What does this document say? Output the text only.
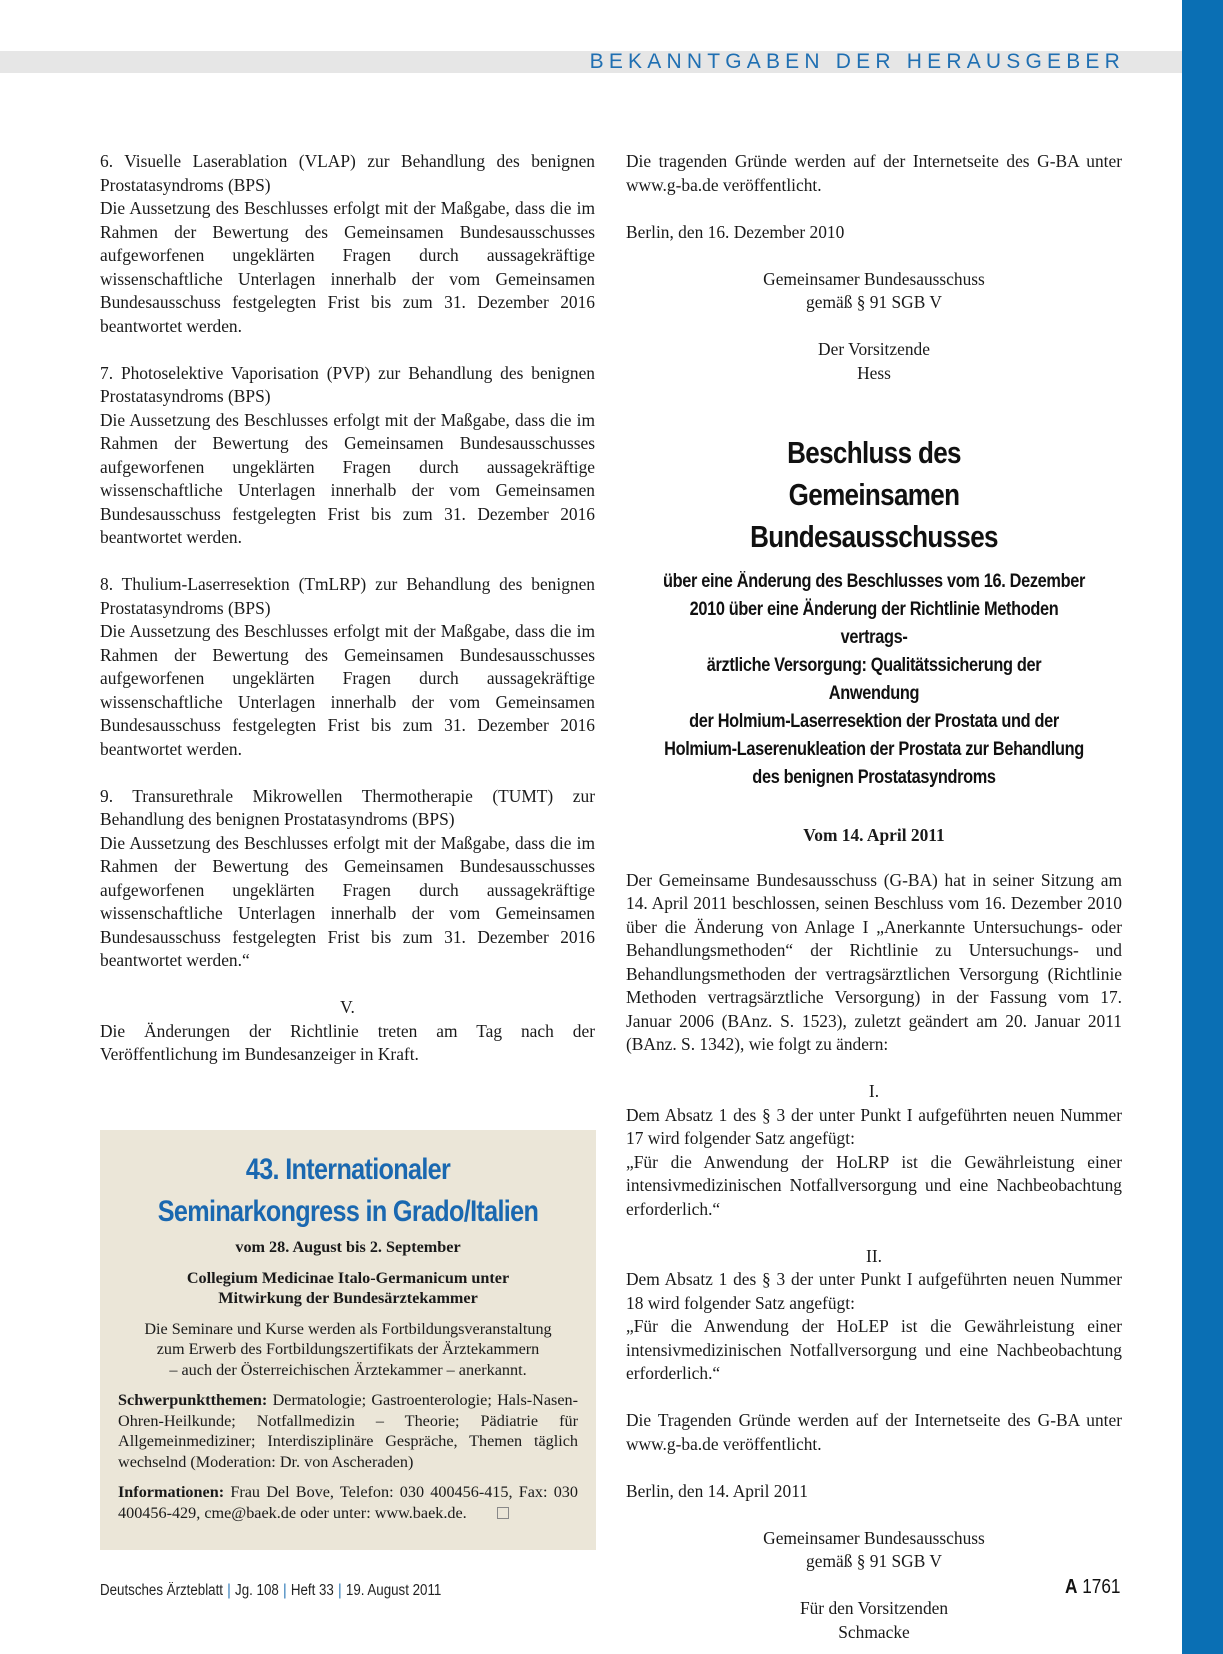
BEKANNTGABEN DER HERAUSGEBER

6. Visuelle Laserablation (VLAP) zur Behandlung des benignen Prostatasyndroms (BPS)

Die Aussetzung des Beschlusses erfolgt mit der Maßgabe, dass die im Rahmen der Bewertung des Gemeinsamen Bundesausschusses aufgeworfenen ungeklärten Fragen durch aussagekräftige wissenschaftliche Unterlagen innerhalb der vom Gemeinsamen Bundesausschuss festgelegten Frist bis zum 31. Dezember 2016 beantwortet werden.

7. Photoselektive Vaporisation (PVP) zur Behandlung des benignen Prostatasyndroms (BPS)

Die Aussetzung des Beschlusses erfolgt mit der Maßgabe, dass die im Rahmen der Bewertung des Gemeinsamen Bundesausschusses aufgeworfenen ungeklärten Fragen durch aussagekräftige wissenschaftliche Unterlagen innerhalb der vom Gemeinsamen Bundesausschuss festgelegten Frist bis zum 31. Dezember 2016 beantwortet werden.

8. Thulium-Laserresektion (TmLRP) zur Behandlung des benignen Prostatasyndroms (BPS)

Die Aussetzung des Beschlusses erfolgt mit der Maßgabe, dass die im Rahmen der Bewertung des Gemeinsamen Bundesausschusses aufgeworfenen ungeklärten Fragen durch aussagekräftige wissenschaftliche Unterlagen innerhalb der vom Gemeinsamen Bundesausschuss festgelegten Frist bis zum 31. Dezember 2016 beantwortet werden.

9. Transurethrale Mikrowellen Thermotherapie (TUMT) zur Behandlung des benignen Prostatasyndroms (BPS)

Die Aussetzung des Beschlusses erfolgt mit der Maßgabe, dass die im Rahmen der Bewertung des Gemeinsamen Bundesausschusses aufgeworfenen ungeklärten Fragen durch aussagekräftige wissenschaftliche Unterlagen innerhalb der vom Gemeinsamen Bundesausschuss festgelegten Frist bis zum 31. Dezember 2016 beantwortet werden.“

V.

Die Änderungen der Richtlinie treten am Tag nach der Veröffentlichung im Bundesanzeiger in Kraft.

43. Internationaler
Seminarkongress in Grado/Italien
vom 28. August bis 2. September
Collegium Medicinae Italo-Germanicum unter
Mitwirkung der Bundesärztekammer
Die Seminare und Kurse werden als Fortbildungsveranstaltung
zum Erwerb des Fortbildungszertifikats der Ärztekammern
– auch der Österreichischen Ärztekammer – anerkannt.
Schwerpunktthemen: Dermatologie; Gastroenterologie; Hals-Nasen-Ohren-Heilkunde; Notfallmedizin – Theorie; Pädiatrie für Allgemeinmediziner; Interdisziplinäre Gespräche, Themen täglich wechselnd (Moderation: Dr. von Ascheraden)
Informationen: Frau Del Bove, Telefon: 030 400456-415, Fax: 030 400456-429, cme@baek.de oder unter: www.baek.de.

Die tragenden Gründe werden auf der Internetseite des G-BA unter www.g-ba.de veröffentlicht.

Berlin, den 16. Dezember 2010

Gemeinsamer Bundesausschuss

gemäß § 91 SGB V

Der Vorsitzende

Hess

Beschluss des
Gemeinsamen Bundesausschusses
über eine Änderung des Beschlusses vom 16. Dezember
2010 über eine Änderung der Richtlinie Methoden vertrags-
ärztliche Versorgung: Qualitätssicherung der Anwendung
der Holmium-Laserresektion der Prostata und der
Holmium-Laserenukleation der Prostata zur Behandlung
des benignen Prostatasyndroms

Vom 14. April 2011

Der Gemeinsame Bundesausschuss (G-BA) hat in seiner Sitzung am 14. April 2011 beschlossen, seinen Beschluss vom 16. Dezember 2010 über die Änderung von Anlage I „Anerkannte Untersuchungs- oder Behandlungsmethoden“ der Richtlinie zu Untersuchungs- und Behandlungsmethoden der vertragsärztlichen Versorgung (Richtlinie Methoden vertragsärztliche Versorgung) in der Fassung vom 17. Januar 2006 (BAnz. S. 1523), zuletzt geändert am 20. Januar 2011 (BAnz. S. 1342), wie folgt zu ändern:

I.

Dem Absatz 1 des § 3 der unter Punkt I aufgeführten neuen Nummer 17 wird folgender Satz angefügt:

„Für die Anwendung der HoLRP ist die Gewährleistung einer intensivmedizinischen Notfallversorgung und eine Nachbeobachtung erforderlich.“

II.

Dem Absatz 1 des § 3 der unter Punkt I aufgeführten neuen Nummer 18 wird folgender Satz angefügt:

„Für die Anwendung der HoLEP ist die Gewährleistung einer intensivmedizinischen Notfallversorgung und eine Nachbeobachtung erforderlich.“

Die Tragenden Gründe werden auf der Internetseite des G-BA unter www.g-ba.de veröffentlicht.

Berlin, den 14. April 2011

Gemeinsamer Bundesausschuss

gemäß § 91 SGB V

Für den Vorsitzenden

Schmacke

Deutsches Ärzteblatt | Jg. 108 | Heft 33 | 19. August 2011	A 1761
